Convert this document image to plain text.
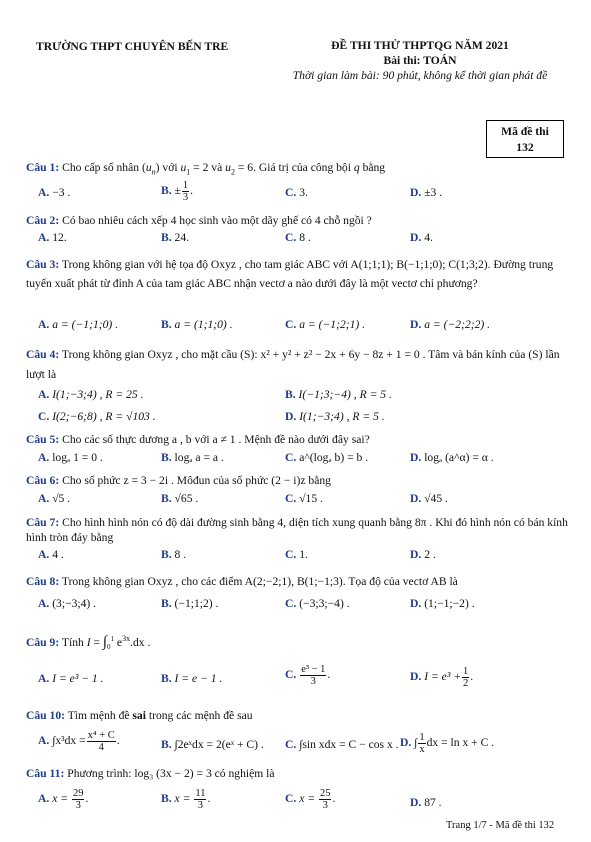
TRƯỜNG THPT CHUYÊN BẾN TRE	ĐỀ THI THỬ THPTQG NĂM 2021
Bài thi: TOÁN
Thời gian làm bài: 90 phút, không kể thời gian phát đề
Mã đề thi
132
Câu 1: Cho cấp số nhân $(u_n)$ với $u_1 = 2$ và $u_2 = 6$. Giá trị của công bội q bằng
A. −3 .	B. ± $\frac{1}{3}$ .	C. 3.	D. ±3 .
Câu 2: Có bao nhiêu cách xếp 4 học sinh vào một dãy ghế có 4 chỗ ngồi ?
A. 12.	B. 24.	C. 8 .	D. 4.
Câu 3: Trong không gian với hệ tọa độ Oxyz , cho tam giác ABC với A(1;1;1); B(−1;1;0); C(1;3;2). Đường trung tuyến xuất phát từ đỉnh A của tam giác ABC nhận vectơ a nào dưới đây là một vectơ chỉ phương?
A. a = (−1;1;0) .	B. a = (1;1;0) .	C. a = (−1;2;1) .	D. a = (−2;2;2) .
Câu 4: Trong không gian Oxyz , cho mặt cầu (S): x² + y² + z² − 2x + 6y − 8z + 1 = 0 . Tâm và bán kính của (S) lần lượt là
A. I(1;−3;4) , R = 25 .	B. I(−1;3;−4) , R = 5 .
C. I(2;−6;8) , R = √103 .	D. I(1;−3;4) , R = 5 .
Câu 5: Cho các số thực dương a , b với a ≠ 1 . Mệnh đề nào dưới đây sai?
A. logₐ 1 = 0 .	B. logₐ a = a .	C. a^(logₐ b) = b .	D. logₐ (a^α) = α .
Câu 6: Cho số phức z = 3 − 2i . Môđun của số phức (2 − i)z bằng
A. √5 .	B. √65 .	C. √15 .	D. √45 .
Câu 7: Cho hình hình nón có độ dài đường sinh bằng 4, diện tích xung quanh bằng 8π . Khi đó hình nón có bán kính hình tròn đáy bằng
A. 4 .	B. 8 .	C. 1.	D. 2 .
Câu 8: Trong không gian Oxyz , cho các điểm A(2;−2;1), B(1;−1;3). Tọa độ của vectơ AB là
A. (3;−3;4) .	B. (−1;1;2) .	C. (−3;3;−4) .	D. (1;−1;−2) .
Câu 9: Tính $I = \int_0^1$ $e^{3x}.dx$ .
A. I = e³ − 1 .	B. I = e − 1 .	C. $\frac{\text{e³ − 1}}{3}$ .	D. $I = e^3 + \frac{1}{2}$ .
Câu 10: Tìm mệnh đề sai trong các mệnh đề sau
A. $\int x^3dx = \frac{\text{x⁴ + C}}{4}$ .	B. ∫2eˣdx = 2(eˣ + C) . C. ∫sin xdx = C − cos x . D. ∫ $\frac{1}{x}$ dx = ln x + C .
Câu 11: Phương trình: log₃ (3x − 2) = 3 có nghiệm là
A. $x = \frac{29}{3}$ .	B. $x = \frac{11}{3}$ .	C. $x = \frac{25}{3}$ .	D. 87 .
Trang 1/7 - Mã đề thi 132
